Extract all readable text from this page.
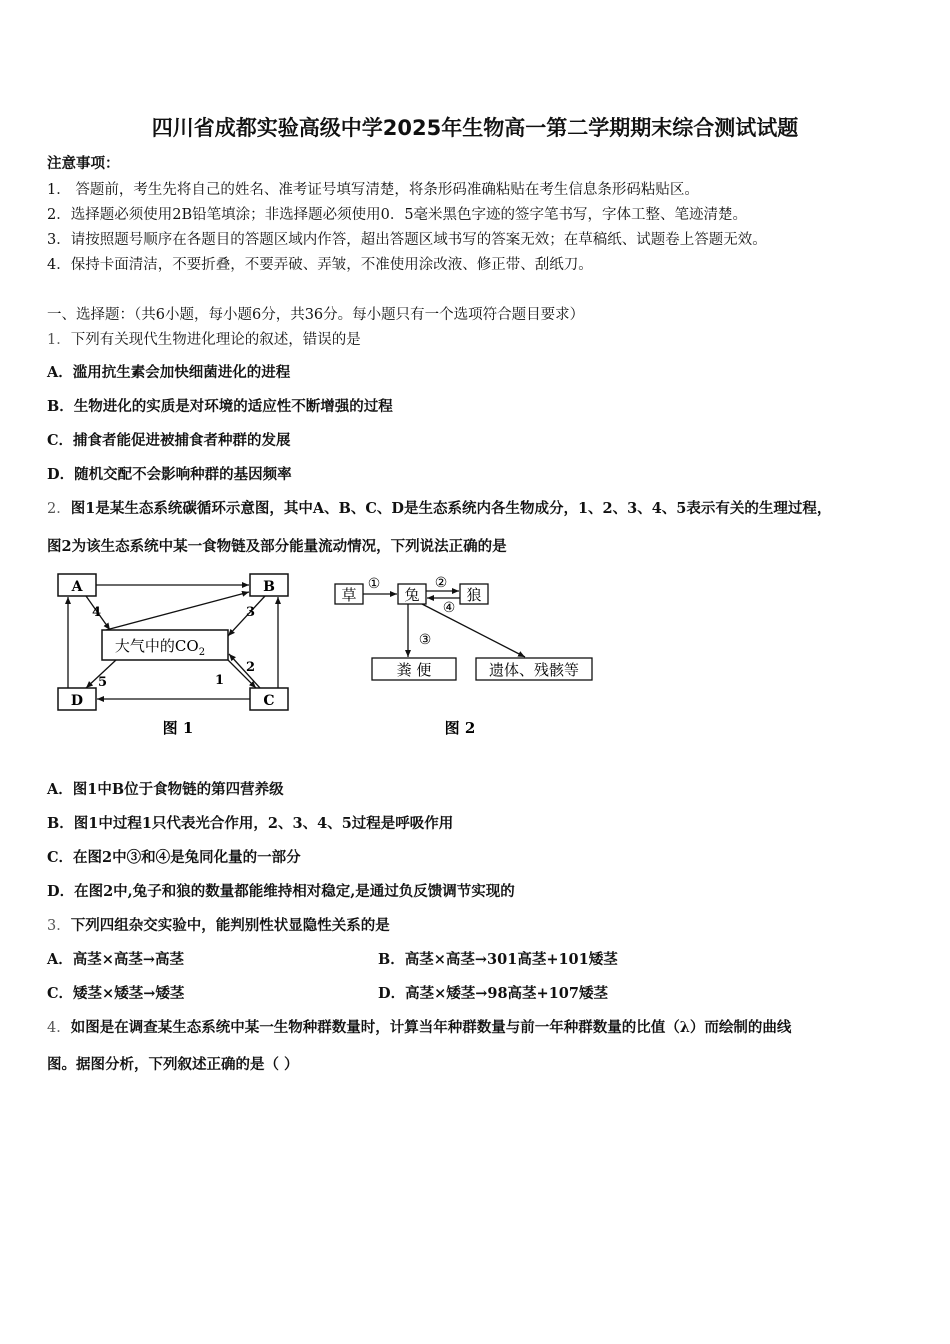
四川省成都实验高级中学2025年生物高一第二学期期末综合测试试题
注意事项：
1． 答题前，考生先将自己的姓名、准考证号填写清楚，将条形码准确粘贴在考生信息条形码粘贴区。
2．选择题必须使用2B铅笔填涂；非选择题必须使用0．5毫米黑色字迹的签字笔书写，字体工整、笔迹清楚。
3．请按照题号顺序在各题目的答题区域内作答，超出答题区域书写的答案无效；在草稿纸、试题卷上答题无效。
4．保持卡面清洁，不要折叠，不要弄破、弄皱，不准使用涂改液、修正带、刮纸刀。
一、选择题：（共6小题，每小题6分，共36分。每小题只有一个选项符合题目要求）
1．下列有关现代生物进化理论的叙述，错误的是
A．滥用抗生素会加快细菌进化的进程
B．生物进化的实质是对环境的适应性不断增强的过程
C．捕食者能促进被捕食者种群的发展
D．随机交配不会影响种群的基因频率
2．图1是某生态系统碳循环示意图，其中A、B、C、D是生态系统内各生物成分，1、2、3、4、5表示有关的生理过程，
图2为该生态系统中某一食物链及部分能量流动情况，下列说法正确的是
A	B
D	C
大气中的$CO_2$
4	3
2
1
5
图 1
草	兔	狼
粪 便	遗体、残骸等
①	②
④
③
图 2
A．图1中B位于食物链的第四营养级
B．图1中过程1只代表光合作用，2、3、4、5过程是呼吸作用
C．在图2中③和④是兔同化量的一部分
D．在图2中,兔子和狼的数量都能维持相对稳定,是通过负反馈调节实现的
3．下列四组杂交实验中，能判别性状显隐性关系的是
A．高茎×高茎→高茎	B．高茎×高茎→301高茎+101矮茎
C．矮茎×矮茎→矮茎	D．高茎×矮茎→98高茎+107矮茎
4．如图是在调查某生态系统中某一生物种群数量时，计算当年种群数量与前一年种群数量的比值（λ）而绘制的曲线
图。据图分析，下列叙述正确的是（ ）
